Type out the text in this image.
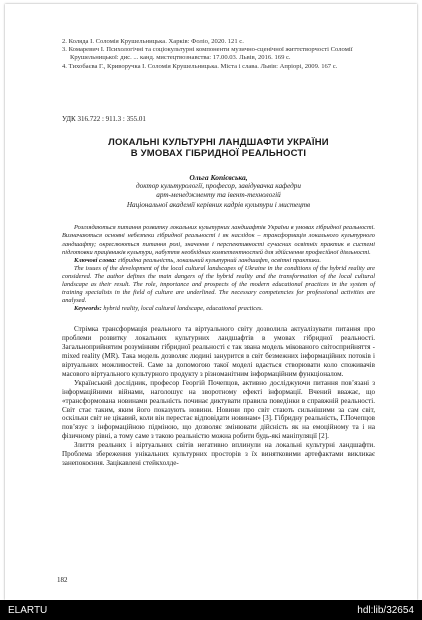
2. Колядa І. Соломія Крушельницька. Харків: Фоліо, 2020. 121 с.

3. Комаревич І. Психологічні та соціокультурні компоненти музично-сценічної життєтворчості Соломії Крушельницької: дис. ... канд. мистецтвознавства: 17.00.03. Львів, 2016. 169 с.

4. Тихобаєва Г., Криворучка І. Соломія Крушельницька. Міста і слава. Львів: Апріорі, 2009. 167 с.

УДК 316.722 : 911.3 : 355.01
ЛОКАЛЬНІ КУЛЬТУРНІ ЛАНДШАФТИ УКРАЇНИ
В УМОВАХ ГІБРИДНОЇ РЕАЛЬНОСТІ
Ольга Копієвська,
доктор культурології, професор, завідувачка кафедри
арт-менеджменту та івент-технологій
Національної академії керівних кадрів культури і мистецтв

Розглядаються питання розвитку локальних культурних ландшафтів України в умовах гібридної реальності. Визначаються основні небезпеки гібридної реальності і як наслідок – трансформація локального культурного ландшафту; окреслюються питання ролі, значення і перспективності сучасних освітніх практик в системі підготовки працівників культури, набуття необхідних компетентностей для здійснення професійної діяльності.

Ключові слова: гібридна реальність, локальний культурний ландшафт, освітні практики.

The issues of the development of the local cultural landscapes of Ukraine in the conditions of the hybrid reality are considered. The author defines the main dangers of the hybrid reality and the transformation of the local cultural landscape as their result. The role, importance and prospects of the modern educational practices in the system of training specialists in the field of culture are underlined. The necessary competencies for professional activities are analysed.

Keywords: hybrid reality, local cultural landscape, educational practices.

Стрімка трансформація реального та віртуального світу дозволила актуалізувати питання про проблеми розвитку локальних культурних ландшафтів в умовах гібридної реальності. Загальноприйнятим розумінням гібридної реальності є так звана модель мікованого світосприйняття - mixed reality (MR). Така модель дозволяє людині занурится в світ безмежних інформаційних потоків і віртуальних можливостей. Саме за допомогою такої моделі вдається створювати коло споживачів масового віртуального культурного продукту з різноманітним інформаційним функціоналом.

Український дослідник, професор Георгій Почепцов, активно досліджуючи питання пов’язані з інформаційними війнами, наголошує на зворотному ефекті інформації. Вчений вважає, що «трансформована новинами реальність починає диктувати правила поведінки в справжній реальності. Світ стає таким, яким його показують новини. Новини про світ стають сильнішими за сам світ, оскільки світ не цікавий, коли він перестає відповідати новинам» [3]. Гібридну реальність, Г.Почепцов пов’язує з інформаційною підміною, що дозволяє змінювати дійсність як на емоційному та і на фізичному рівні, а тому саме з такою реальністю можна робити будь-які маніпуляції [2].

Злиття реальних і віртуальних світів негативно вплинули на локальні культурні ландшафти. Проблема збереження унікальних культурних просторів з їх винятковими артефактами викликає занепокоєння. Зацікавлені стейкхолде-

182
ELARTU	hdl:lib/32654
